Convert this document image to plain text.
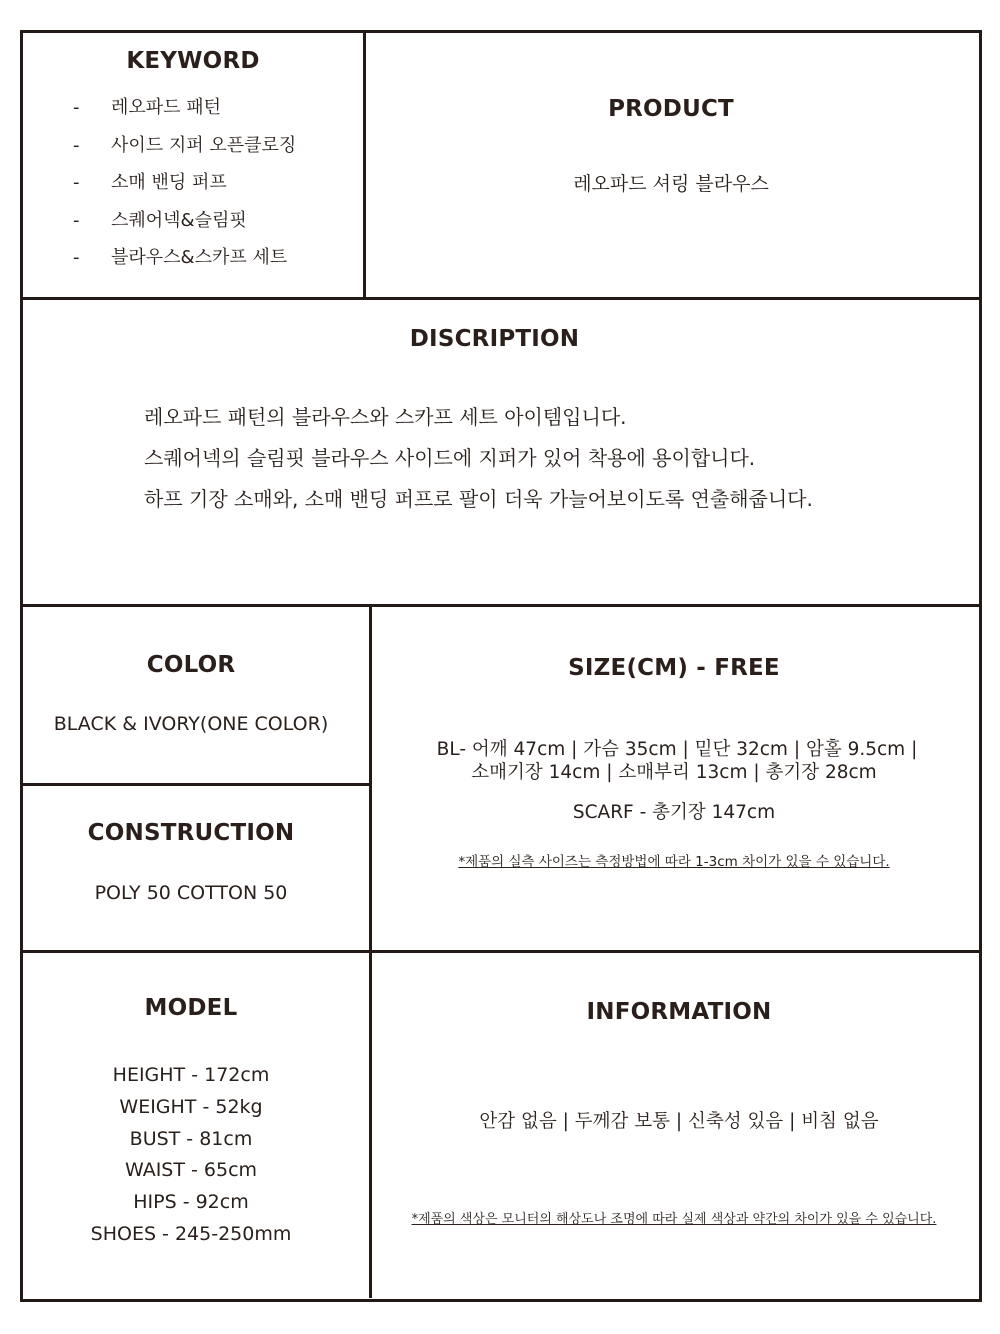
KEYWORD
- 레오파드 패턴
- 사이드 지퍼 오픈클로징
- 소매 밴딩 퍼프
- 스퀘어넥&슬림핏
- 블라우스&스카프 세트
PRODUCT
레오파드 셔링 블라우스
DISCRIPTION

레오파드 패턴의 블라우스와 스카프 세트 아이템입니다.

스퀘어넥의 슬림핏 블라우스 사이드에 지퍼가 있어 착용에 용이합니다.

하프 기장 소매와, 소매 밴딩 퍼프로 팔이 더욱 가늘어보이도록 연출해줍니다.

COLOR
BLACK & IVORY(ONE COLOR)
CONSTRUCTION
POLY 50 COTTON 50
SIZE(CM) - FREE
BL- 어깨 47cm | 가슴 35cm | 밑단 32cm | 암홀 9.5cm |
소매기장 14cm | 소매부리 13cm | 총기장 28cm
SCARF - 총기장 147cm
*제품의 실측 사이즈는 측정방법에 따라 1-3cm 차이가 있을 수 있습니다.
MODEL

HEIGHT - 172cm

WEIGHT - 52kg

BUST - 81cm

WAIST - 65cm

HIPS - 92cm

SHOES - 245-250mm

INFORMATION
안감 없음 | 두께감 보통 | 신축성 있음 | 비침 없음
*제품의 색상은 모니터의 해상도나 조명에 따라 실제 색상과 약간의 차이가 있을 수 있습니다.
